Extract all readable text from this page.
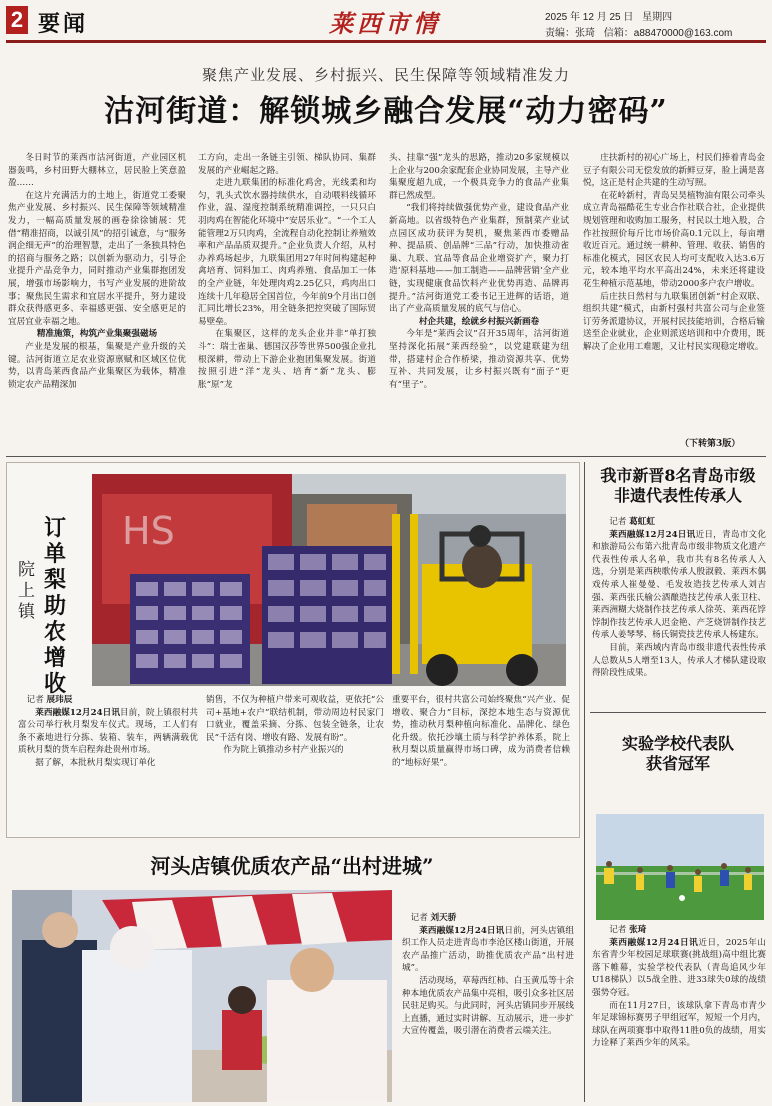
2 要闻	莱西市情	2025 年 12 月 25 日 星期四
责编：张琦 信箱：a88470000@163.com
聚焦产业发展、乡村振兴、民生保障等领域精准发力
沽河街道：解锁城乡融合发展“动力密码”

冬日时节的莱西市沽河街道，产业园区机器轰鸣，乡村田野大棚林立，居民脸上笑意盈盈……

在这片充满活力的土地上，街道党工委聚焦产业发展、乡村振兴、民生保障等领域精准发力，一幅高质量发展的画卷徐徐铺展：凭借“精准招商，以诚引凤”的招引诚意，与“服务润企细无声”的治理智慧，走出了一条独具特色的招商与服务之路；以创新为驱动力，引导企业提升产品竞争力，同时推动产业集群抱团发展，增强市场影响力，书写产业发展的进阶故事；聚焦民生需求和宜居水平提升，努力建设群众获得感更多、幸福感更强、安全感更足的宜居宜业幸福之地。

精准施策，构筑产业集聚强磁场

产业是发展的根基，集聚是产业升级的关键。沽河街道立足农业资源禀赋和区域区位优势，以青岛莱西食品产业集聚区为载体，精准锁定农产品精深加

工方向，走出一条链主引领、梯队协同、集群发展的产业崛起之路。

走进九联集团的标准化鸡舍，光线柔和均匀，乳头式饮水器持续供水，自动喂料线循环作业，温、湿度控制系统精准调控，一只只白羽肉鸡在智能化环境中“安居乐业”。“一个工人能管理2万只肉鸡，全流程自动化控制让养殖效率和产品品质双提升。”企业负责人介绍，从村办养鸡场起步，九联集团用27年时间构建起种禽培育、饲料加工、肉鸡养殖、食品加工一体的全产业链，年处理肉鸡2.25亿只，鸡肉出口连续十几年稳居全国首位，今年前9个月出口创汇同比增长23%，用全链条把控突破了国际贸易壁垒。

在集聚区，这样的龙头企业并非“单打独斗”：瑞士雀巢、德国汉莎等世界500强企业扎根深耕，带动上下游企业抱团集聚发展。街道按照引进“洋”龙头、培育“新”龙头、膨胀“原”龙

头、挂靠“强”龙头的思路，推动20多家规模以上企业与200余家配套企业协同发展，主导产业集聚度超九成，一个极具竞争力的食品产业集群已然成型。

“我们将持续做强优势产业，建设食品产业新高地。以省级特色产业集群，预制菜产业试点园区成功获评为契机，聚焦莱西市委赠品种、提品质、创品牌“三品”行动，加快推动雀巢、九联、宜品等食品企业增资扩产，聚力打造‘原料基地——加工制造——品牌营销’全产业链，实现健康食品饮料产业优势再造、品牌再提升。”沽河街道党工委书记王进辉的话语，道出了产业高质量发展的底气与信心。

村企共建，绘就乡村振兴新画卷

今年是“莱西会议”召开35周年，沽河街道坚持深化拓展“莱西经验”，以党建联建为纽带，搭建村企合作桥梁，推动资源共享、优势互补、共同发展，让乡村振兴既有“面子”更有“里子”。

庄扶新村的初心广场上，村民们捧着青岛金豆子有限公司无偿发放的新鲜豆芽，脸上满是喜悦，这正是村企共建的生动写照。

在花岭新村，青岛吴昊植物油有限公司牵头成立青岛福酷花生专业合作社联合社，企业提供规划管理和收购加工服务，村民以土地入股，合作社按照价每斤比市场价高0.1元以上，每亩增收近百元。通过统一耕种、管理、收获、销售的标准化模式，园区农民人均可支配收入达3.6万元，较本地平均水平高出24%，未来还将建设花生种植示范基地，带动2000多户农户增收。

后庄扶日然村与九联集团创新“村企双联、组织共建”模式，由新村强村共富公司与企业签订劳务派遣协议，开展村民技能培训，合格后输送至企业就业，企业则派送培训和中介费用，既解决了企业用工难题，又让村民实现稳定增收。

（下转第3版）
订单梨助农增收
院上镇
HS

记者 展玮辰

莱西融媒12月24日讯目前，院上镇很村共富公司举行秋月梨发车仪式。现场，工人们有条不紊地进行分拣、装箱、装车，两辆满载优质秋月梨的货车启程奔赴贵州市场。

据了解，本批秋月梨实现订单化

销售，不仅为种植户带来可观收益，更依托“公司+基地+农户”联结机制，带动周边村民家门口就业，覆盖采摘、分拣、包装全链条，让农民“千活有岗、增收有路、发展有盼”。

作为院上镇推动乡村产业振兴的

重要平台，很村共富公司始终聚焦“兴产业、促增收、聚合力”目标，深挖本地生态与资源优势，推动秋月梨种植向标准化、品牌化、绿色化升级。依托沙壤土质与科学护养体系，院上秋月梨以质量赢得市场口碑，成为消费者信赖的“地标好果”。

河头店镇优质农产品“出村进城”

记者 刘天骄

莱西融媒12月24日讯日前，河头店镇组织工作人员走进青岛市李沧区楼山街道，开展农产品推广活动，助推优质农产品“出村进城”。

活动现场，草莓西红柿、白玉黄瓜等十余种本地优质农产品集中亮相，吸引众多社区居民驻足购买。与此同时，河头店镇同步开展线上直播，通过实时讲解、互动展示，进一步扩大宣传覆盖，吸引潜在消费者云端关注。

我市新晋8名青岛市级
非遗代表性传承人

记者 葛虹虹

莱西融媒12月24日讯近日，青岛市文化和旅游局公布第六批青岛市级非物质文化遗产代表性传承人名单，我市共有8名传承人入选，分别是莱西秧歌传承人殷淑毅、莱西木偶戏传承人崔曼曼、毛发妆造技艺传承人刘吉强、莱西张氏榆公酒酿造技艺传承人张卫柱、莱西洲糊大烧制作技艺传承人徐英、莱西花饽饽制作技艺传承人迟金艳、产芝烧饼制作技艺传承人姜琴琴、杨氏铜瓷技艺传承人杨建东。

目前，莱西域内青岛市级非遗代表性传承人总数从5人增至13人，传承人才梯队建设取得阶段性成果。

实验学校代表队
获省冠军

记者 张琦

莱西融媒12月24日讯近日，2025年山东省青少年校园足球联赛(挑战组)高中组比赛落下帷幕，实验学校代表队（青岛追风少年U18梯队）以5战全胜、进33球失0球的战绩强势夺冠。

而在11月27日，该球队拿下青岛市青少年足球锦标赛男子甲组冠军，短短一个月内，球队在两项赛事中取得11胜0负的战绩，用实力诠释了莱西少年的风采。
